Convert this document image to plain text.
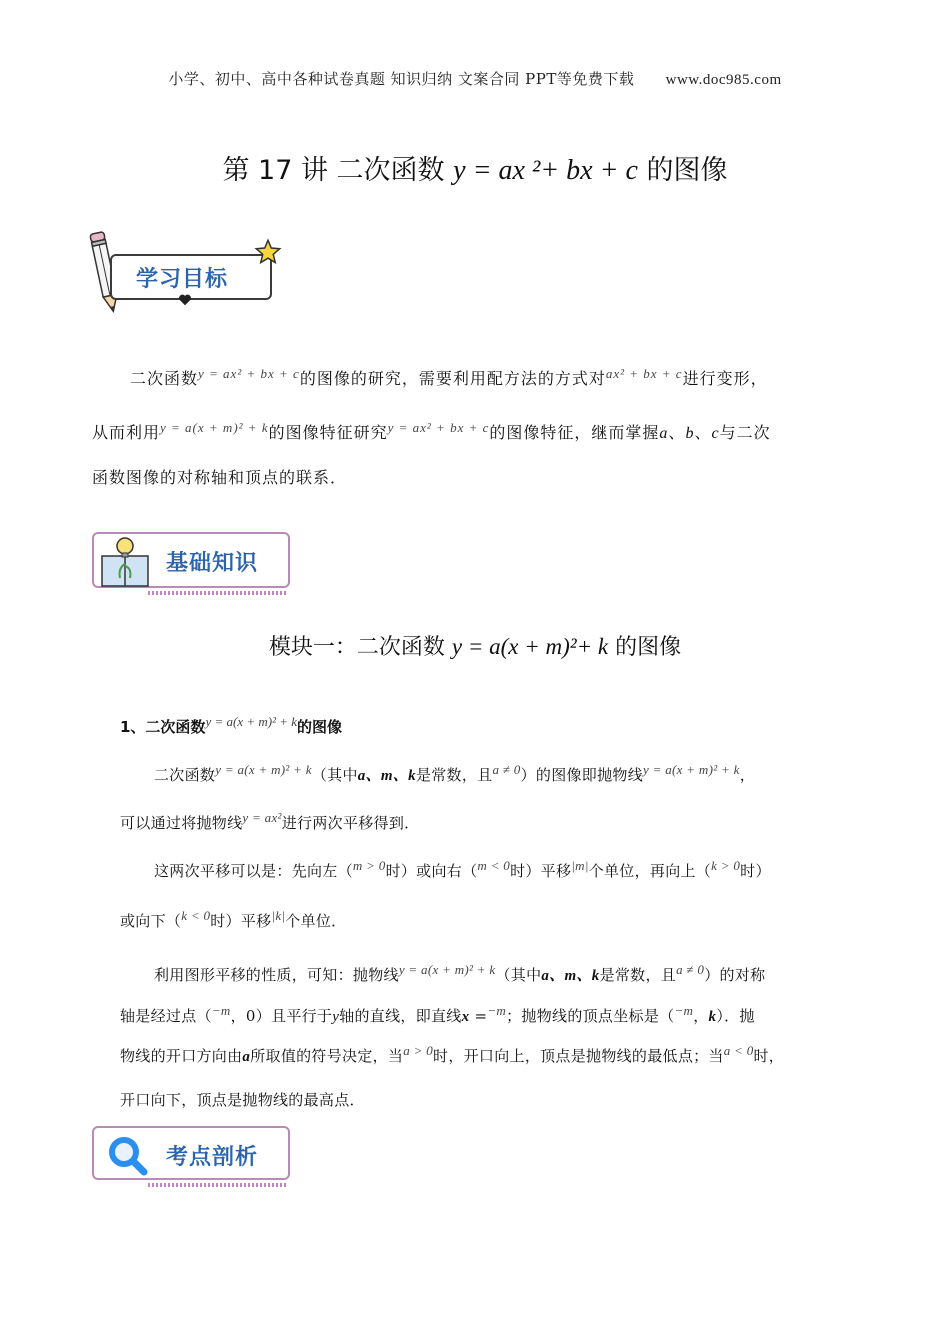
小学、初中、高中各种试卷真题 知识归纳 文案合同 PPT等免费下载 www.doc985.com
第 17 讲 二次函数 y = ax ²+ bx + c 的图像
学习目标
二次函数$^{y = ax^2 + bx + c}$的图像的研究，需要利用配方法的方式对$^{ax^2 + bx + c}$进行变形，
从而利用$^{y = a(x + m)^2 + k}$的图像特征研究$^{y = ax^2 + bx + c}$的图像特征，继而掌握a、b、c与二次
函数图像的对称轴和顶点的联系．
基础知识
模块一：二次函数 y = a(x + m)²+ k 的图像
1、二次函数y = a(x + m)² + k的图像
二次函数y = a(x + m)² + k（其中a、m、k是常数，且a ≠ 0）的图像即抛物线y = a(x + m)² + k，
可以通过将抛物线y = ax²进行两次平移得到．
这两次平移可以是：先向左（m > 0时）或向右（m < 0时）平移|m|个单位，再向上（k > 0时）
或向下（k < 0时）平移|k|个单位．
利用图形平移的性质，可知：抛物线y = a(x + m)² + k（其中a、m、k是常数，且a ≠ 0）的对称
轴是经过点（−m，0）且平行于y轴的直线，即直线x =−m；抛物线的顶点坐标是（−m，k）．抛
物线的开口方向由a所取值的符号决定，当a > 0时，开口向上，顶点是抛物线的最低点；当a < 0时，
开口向下，顶点是抛物线的最高点．
考点剖析
